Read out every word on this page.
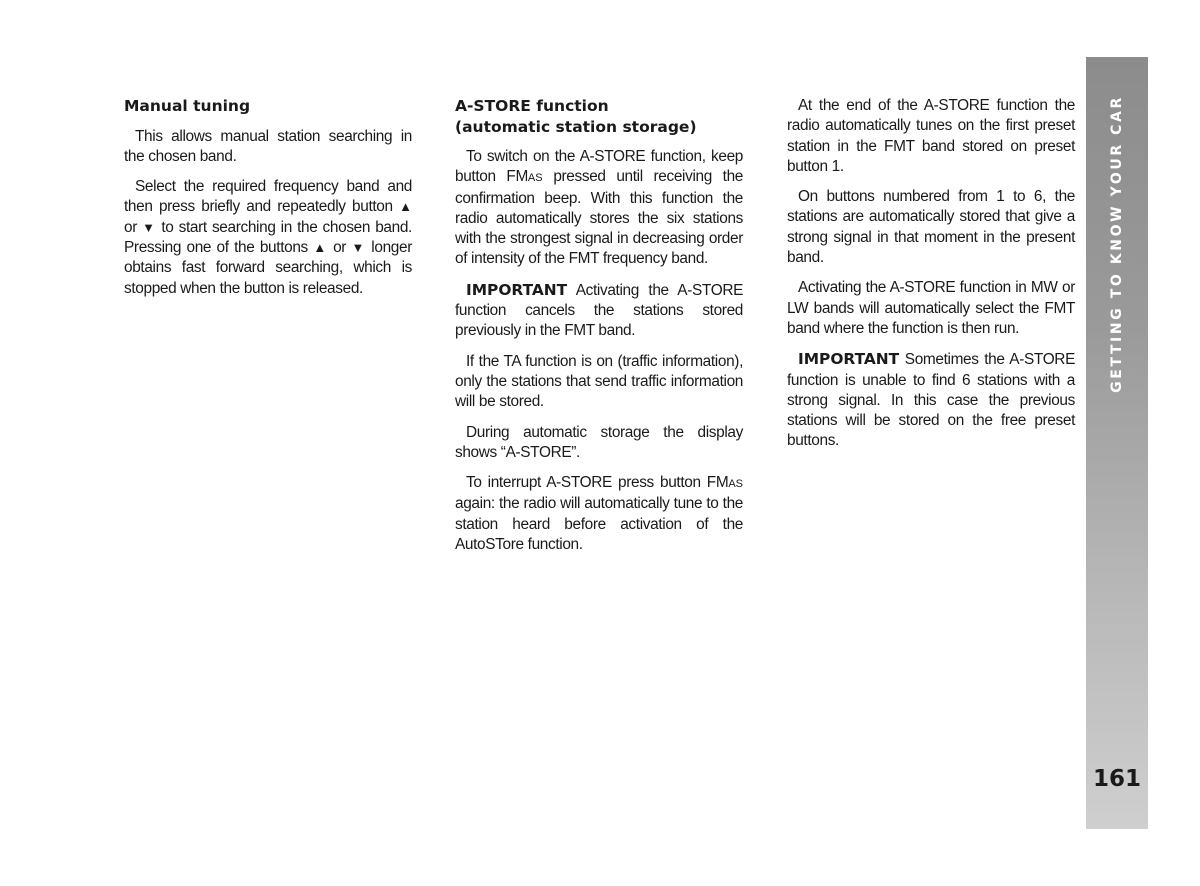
Manual tuning

This allows manual station searching in the chosen band.

Select the required frequency band and then press briefly and repeatedly button ▲ or ▼ to start searching in the chosen band. Pressing one of the buttons ▲ or ▼ longer obtains fast forward searching, which is stopped when the button is released.

A-STORE function
(automatic station storage)

To switch on the A-STORE function, keep button FMAS pressed until receiving the confirmation beep. With this function the radio automatically stores the six stations with the strongest signal in decreasing order of intensity of the FMT frequency band.

IMPORTANT Activating the A-STORE function cancels the stations stored previously in the FMT band.

If the TA function is on (traffic information), only the stations that send traffic information will be stored.

During automatic storage the display shows “A-STORE”.

To interrupt A-STORE press button FMAS again: the radio will automatically tune to the station heard before activation of the AutoSTore function.

At the end of the A-STORE function the radio automatically tunes on the first preset station in the FMT band stored on preset button 1.

On buttons numbered from 1 to 6, the stations are automatically stored that give a strong signal in that moment in the present band.

Activating the A-STORE function in MW or LW bands will automatically select the FMT band where the function is then run.

IMPORTANT Sometimes the A-STORE function is unable to find 6 stations with a strong signal. In this case the previous stations will be stored on the free preset buttons.

GETTING TO KNOW YOUR CAR
161
